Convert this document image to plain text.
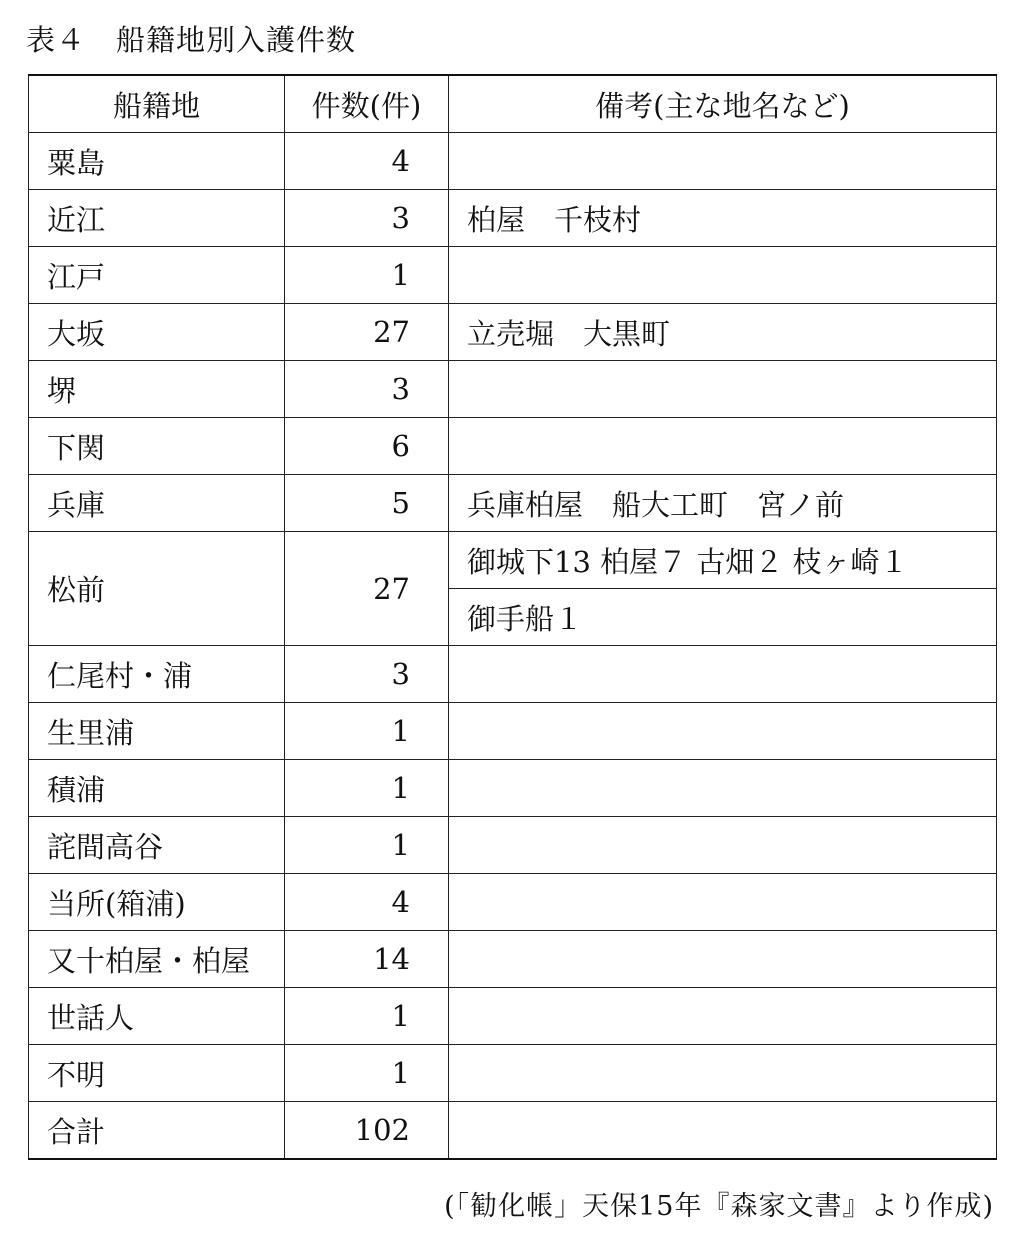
表４　船籍地別入護件数
船籍地	件数(件)	備考(主な地名など)
粟島	4	
近江	3	柏屋　千枝村
江戸	1	
大坂	27	立売堀　大黒町
堺	3	
下関	6	
兵庫	5	兵庫柏屋　船大工町　宮ノ前
松前	27	御城下13 柏屋７ 古畑２ 枝ヶ崎１
		御手船１
仁尾村・浦	3	
生里浦	1	
積浦	1	
詫間高谷	1	
当所(箱浦)	4	
又十柏屋・柏屋	14	
世話人	1	
不明	1	
合計	102	
(「勧化帳」天保15年『森家文書』より作成)
